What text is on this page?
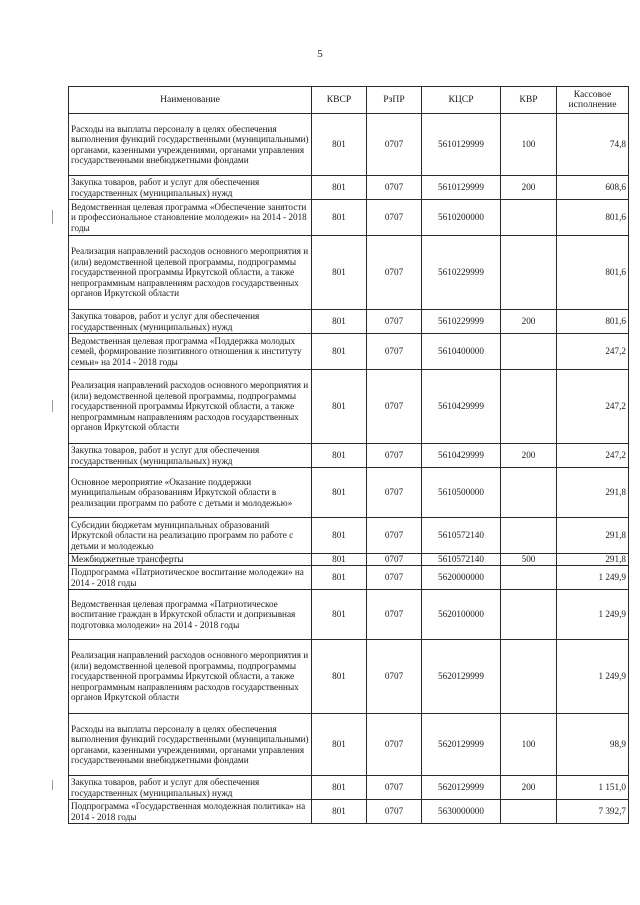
5
Наименование	КВСР	РзПР	КЦСР	КВР	Кассовое исполнение
Расходы на выплаты персоналу в целях обеспечения выполнения функций государственными (муниципальными) органами, казенными учреждениями, органами управления государственными внебюджетными фондами	801	0707	5610129999	100	74,8
Закупка товаров, работ и услуг для обеспечения государственных (муниципальных) нужд	801	0707	5610129999	200	608,6
Ведомственная целевая программа «Обеспечение занятости и профессиональное становление молодежи» на 2014 - 2018 годы	801	0707	5610200000		801,6
Реализация направлений расходов основного мероприятия и (или) ведомственной целевой программы, подпрограммы государственной программы Иркутской области, а также непрограммным направлениям расходов государственных органов Иркутской области	801	0707	5610229999		801,6
Закупка товаров, работ и услуг для обеспечения государственных (муниципальных) нужд	801	0707	5610229999	200	801,6
Ведомственная целевая программа «Поддержка молодых семей, формирование позитивного отношения к институту семьи» на 2014 - 2018 годы	801	0707	5610400000		247,2
Реализация направлений расходов основного мероприятия и (или) ведомственной целевой программы, подпрограммы государственной программы Иркутской области, а также непрограммным направлениям расходов государственных органов Иркутской области	801	0707	5610429999		247,2
Закупка товаров, работ и услуг для обеспечения государственных (муниципальных) нужд	801	0707	5610429999	200	247,2
Основное мероприятие «Оказание поддержки муниципальным образованиям Иркутской области в реализации программ по работе с детьми и молодежью»	801	0707	5610500000		291,8
Субсидии бюджетам муниципальных образований Иркутской области на реализацию программ по работе с детьми и молодежью	801	0707	5610572140		291,8
Межбюджетные трансферты	801	0707	5610572140	500	291,8
Подпрограмма «Патриотическое воспитание молодежи» на 2014 - 2018 годы	801	0707	5620000000		1 249,9
Ведомственная целевая программа «Патриотическое воспитание граждан в Иркутской области и допризывная подготовка молодежи» на 2014 - 2018 годы	801	0707	5620100000		1 249,9
Реализация направлений расходов основного мероприятия и (или) ведомственной целевой программы, подпрограммы государственной программы Иркутской области, а также непрограммным направлениям расходов государственных органов Иркутской области	801	0707	5620129999		1 249,9
Расходы на выплаты персоналу в целях обеспечения выполнения функций государственными (муниципальными) органами, казенными учреждениями, органами управления государственными внебюджетными фондами	801	0707	5620129999	100	98,9
Закупка товаров, работ и услуг для обеспечения государственных (муниципальных) нужд	801	0707	5620129999	200	1 151,0
Подпрограмма «Государственная молодежная политика» на 2014 - 2018 годы	801	0707	5630000000		7 392,7
